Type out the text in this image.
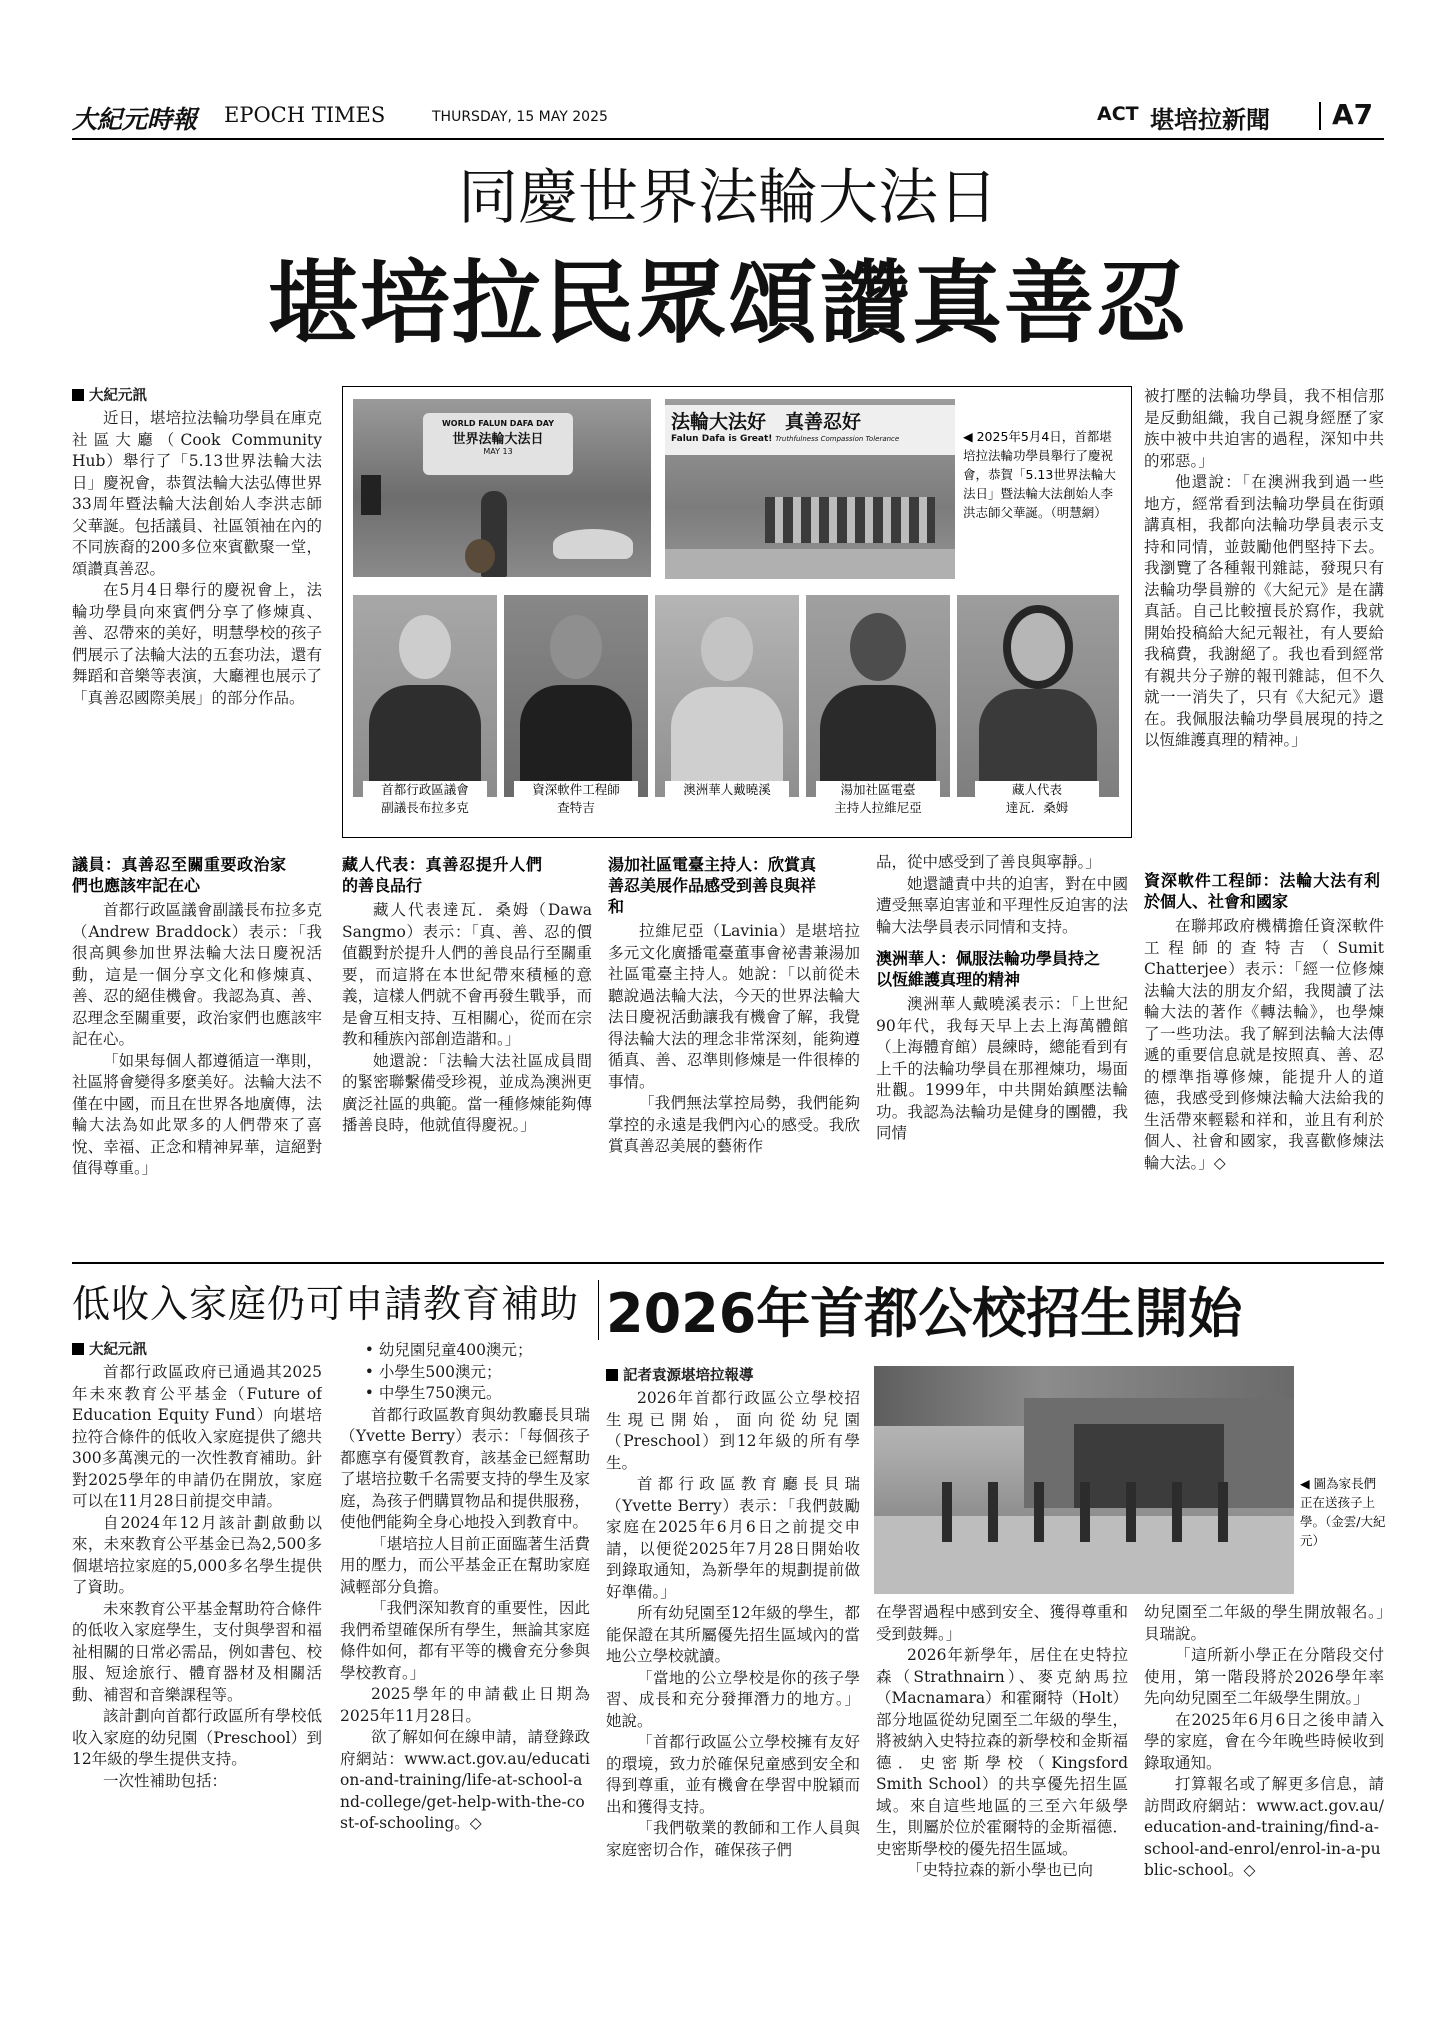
大紀元時報 EPOCH TIMES	THURSDAY, 15 MAY 2025	ACT 堪培拉新聞 A7
同慶世界法輪大法日
堪培拉民眾頌讚真善忍
大紀元訊

近日，堪培拉法輪功學員在庫克社區大廳（Cook Community Hub）舉行了「5.13世界法輪大法日」慶祝會，恭賀法輪大法弘傳世界33周年暨法輪大法創始人李洪志師父華誕。包括議員、社區領袖在內的不同族裔的200多位來賓歡聚一堂，頌讚真善忍。

在5月4日舉行的慶祝會上，法輪功學員向來賓們分享了修煉真、善、忍帶來的美好，明慧學校的孩子們展示了法輪大法的五套功法，還有舞蹈和音樂等表演，大廳裡也展示了「真善忍國際美展」的部分作品。

WORLD FALUN DAFA DAY
世界法輪大法日
MAY 13
法輪大法好　真善忍好
Falun Dafa is Great! Truthfulness Compassion Tolerance	◀ 2025年5月4日，首都堪培拉法輪功學員舉行了慶祝會，恭賀「5.13世界法輪大法日」暨法輪大法創始人李洪志師父華誕。（明慧網）
首都行政區議會
副議長布拉多克
資深軟件工程師
查特吉
澳洲華人戴曉溪	湯加社區電臺
主持人拉維尼亞
藏人代表
達瓦．桑姆

被打壓的法輪功學員，我不相信那是反動組織，我自己親身經歷了家族中被中共迫害的過程，深知中共的邪惡。」

他還說：「在澳洲我到過一些地方，經常看到法輪功學員在街頭講真相，我都向法輪功學員表示支持和同情，並鼓勵他們堅持下去。我瀏覽了各種報刊雜誌，發現只有法輪功學員辦的《大紀元》是在講真話。自己比較擅長於寫作，我就開始投稿給大紀元報社，有人要給我稿費，我謝絕了。我也看到經常有親共分子辦的報刊雜誌，但不久就一一消失了，只有《大紀元》還在。我佩服法輪功學員展現的持之以恆維護真理的精神。」

議員：真善忍至關重要政治家們也應該牢記在心

首都行政區議會副議長布拉多克（Andrew Braddock）表示：「我很高興參加世界法輪大法日慶祝活動，這是一個分享文化和修煉真、善、忍的絕佳機會。我認為真、善、忍理念至關重要，政治家們也應該牢記在心。

「如果每個人都遵循這一準則，社區將會變得多麼美好。法輪大法不僅在中國，而且在世界各地廣傳，法輪大法為如此眾多的人們帶來了喜悅、幸福、正念和精神昇華，這絕對值得尊重。」

藏人代表：真善忍提升人們的善良品行

藏人代表達瓦．桑姆（Dawa Sangmo）表示：「真、善、忍的價值觀對於提升人們的善良品行至關重要，而這將在本世紀帶來積極的意義，這樣人們就不會再發生戰爭，而是會互相支持、互相關心，從而在宗教和種族內部創造諧和。」

她還說：「法輪大法社區成員間的緊密聯繫備受珍視，並成為澳洲更廣泛社區的典範。當一種修煉能夠傳播善良時，他就值得慶祝。」

湯加社區電臺主持人：欣賞真善忍美展作品感受到善良與祥和

拉維尼亞（Lavinia）是堪培拉多元文化廣播電臺董事會祕書兼湯加社區電臺主持人。她說：「以前從未聽說過法輪大法，今天的世界法輪大法日慶祝活動讓我有機會了解，我覺得法輪大法的理念非常深刻，能夠遵循真、善、忍準則修煉是一件很棒的事情。

「我們無法掌控局勢，我們能夠掌控的永遠是我們內心的感受。我欣賞真善忍美展的藝術作

品，從中感受到了善良與寧靜。」

她還譴責中共的迫害，對在中國遭受無辜迫害並和平理性反迫害的法輪大法學員表示同情和支持。

澳洲華人：佩服法輪功學員持之以恆維護真理的精神

澳洲華人戴曉溪表示：「上世紀90年代，我每天早上去上海萬體館（上海體育館）晨練時，總能看到有上千的法輪功學員在那裡煉功，場面壯觀。1999年，中共開始鎮壓法輪功。我認為法輪功是健身的團體，我同情

資深軟件工程師：法輪大法有利於個人、社會和國家

在聯邦政府機構擔任資深軟件工程師的查特吉（Sumit Chatterjee）表示：「經一位修煉法輪大法的朋友介紹，我閱讀了法輪大法的著作《轉法輪》，也學煉了一些功法。我了解到法輪大法傳遞的重要信息就是按照真、善、忍的標準指導修煉，能提升人的道德，我感受到修煉法輪大法給我的生活帶來輕鬆和祥和，並且有利於個人、社會和國家，我喜歡修煉法輪大法。」◇

低收入家庭仍可申請教育補助
大紀元訊

首都行政區政府已通過其2025年未來教育公平基金（Future of Education Equity Fund）向堪培拉符合條件的低收入家庭提供了總共300多萬澳元的一次性教育補助。針對2025學年的申請仍在開放，家庭可以在11月28日前提交申請。

自2024年12月該計劃啟動以來，未來教育公平基金已為2,500多個堪培拉家庭的5,000多名學生提供了資助。

未來教育公平基金幫助符合條件的低收入家庭學生，支付與學習和福祉相關的日常必需品，例如書包、校服、短途旅行、體育器材及相關活動、補習和音樂課程等。

該計劃向首都行政區所有學校低收入家庭的幼兒園（Preschool）到12年級的學生提供支持。

一次性補助包括：

• 幼兒園兒童400澳元；

• 小學生500澳元；

• 中學生750澳元。

首都行政區教育與幼教廳長貝瑞（Yvette Berry）表示：「每個孩子都應享有優質教育，該基金已經幫助了堪培拉數千名需要支持的學生及家庭，為孩子們購買物品和提供服務，使他們能夠全身心地投入到教育中。

「堪培拉人目前正面臨著生活費用的壓力，而公平基金正在幫助家庭減輕部分負擔。

「我們深知教育的重要性，因此我們希望確保所有學生，無論其家庭條件如何，都有平等的機會充分參與學校教育。」

2025學年的申請截止日期為2025年11月28日。

欲了解如何在線申請，請登錄政府網站：www.act.gov.au/education-and-training/life-at-school-and-college/get-help-with-the-cost-of-schooling。◇

2026年首都公校招生開始
記者袁源堪培拉報導

2026年首都行政區公立學校招生現已開始，面向從幼兒園（Preschool）到12年級的所有學生。

首都行政區教育廳長貝瑞（Yvette Berry）表示：「我們鼓勵家庭在2025年6月6日之前提交申請，以便從2025年7月28日開始收到錄取通知，為新學年的規劃提前做好準備。」

所有幼兒園至12年級的學生，都能保證在其所屬優先招生區域內的當地公立學校就讀。

「當地的公立學校是你的孩子學習、成長和充分發揮潛力的地方。」她說。

「首都行政區公立學校擁有友好的環境，致力於確保兒童感到安全和得到尊重，並有機會在學習中脫穎而出和獲得支持。

「我們敬業的教師和工作人員與家庭密切合作，確保孩子們

◀ 圖為家長們正在送孩子上學。（金雲/大紀元）

在學習過程中感到安全、獲得尊重和受到鼓舞。」

2026年新學年，居住在史特拉森（Strathnairn）、麥克納馬拉（Macnamara）和霍爾特（Holt）部分地區從幼兒園至二年級的學生，將被納入史特拉森的新學校和金斯福德．史密斯學校（Kingsford Smith School）的共享優先招生區域。來自這些地區的三至六年級學生，則屬於位於霍爾特的金斯福德．史密斯學校的優先招生區域。

「史特拉森的新小學也已向

幼兒園至二年級的學生開放報名。」貝瑞說。

「這所新小學正在分階段交付使用，第一階段將於2026學年率先向幼兒園至二年級學生開放。」

在2025年6月6日之後申請入學的家庭，會在今年晚些時候收到錄取通知。

打算報名或了解更多信息，請訪問政府網站：www.act.gov.au/education-and-training/find-a-school-and-enrol/enrol-in-a-public-school。◇
